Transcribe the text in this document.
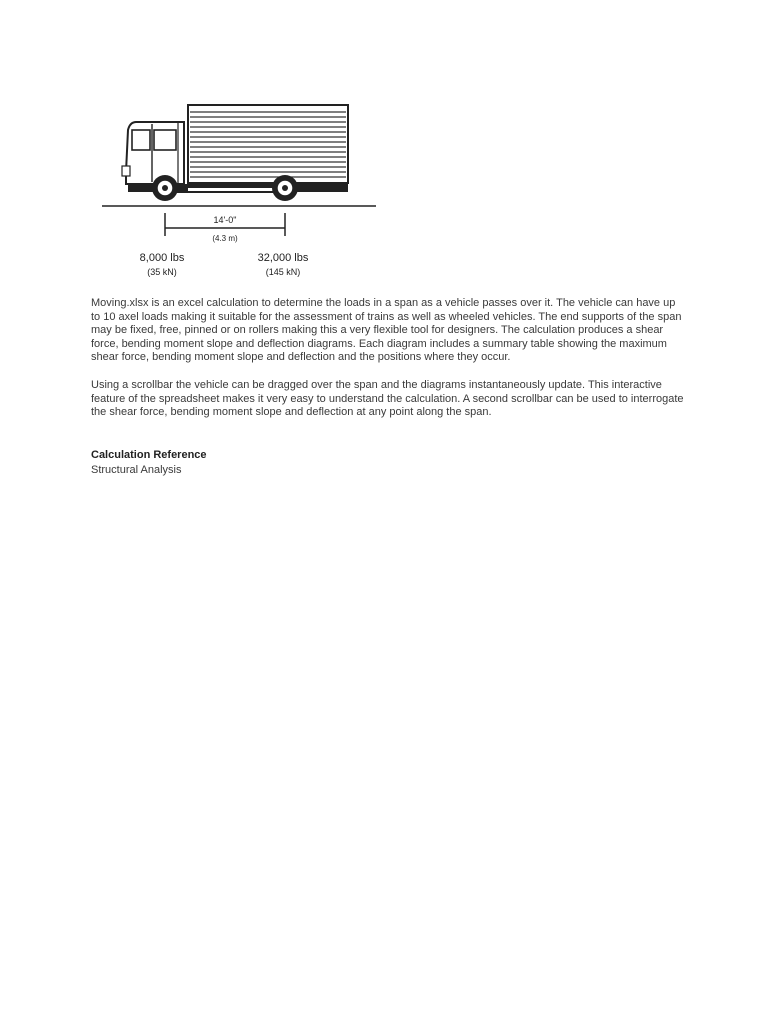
14'-0"
(4.3 m)
8,000 lbs
(35 kN)
32,000 lbs
(145 kN)

Moving.xlsx is an excel calculation to determine the loads in a span as a vehicle passes over it. The vehicle can have up to 10 axel loads making it suitable for the assessment of trains as well as wheeled vehicles. The end supports of the span may be fixed, free, pinned or on rollers making this a very flexible tool for designers. The calculation produces a shear force, bending moment slope and deflection diagrams. Each diagram includes a summary table showing the maximum shear force, bending moment slope and deflection and the positions where they occur.

Using a scrollbar the vehicle can be dragged over the span and the diagrams instantaneously update. This interactive feature of the spreadsheet makes it very easy to understand the calculation. A second scrollbar can be used to interrogate the shear force, bending moment slope and deflection at any point along the span.

Calculation Reference

Structural Analysis
